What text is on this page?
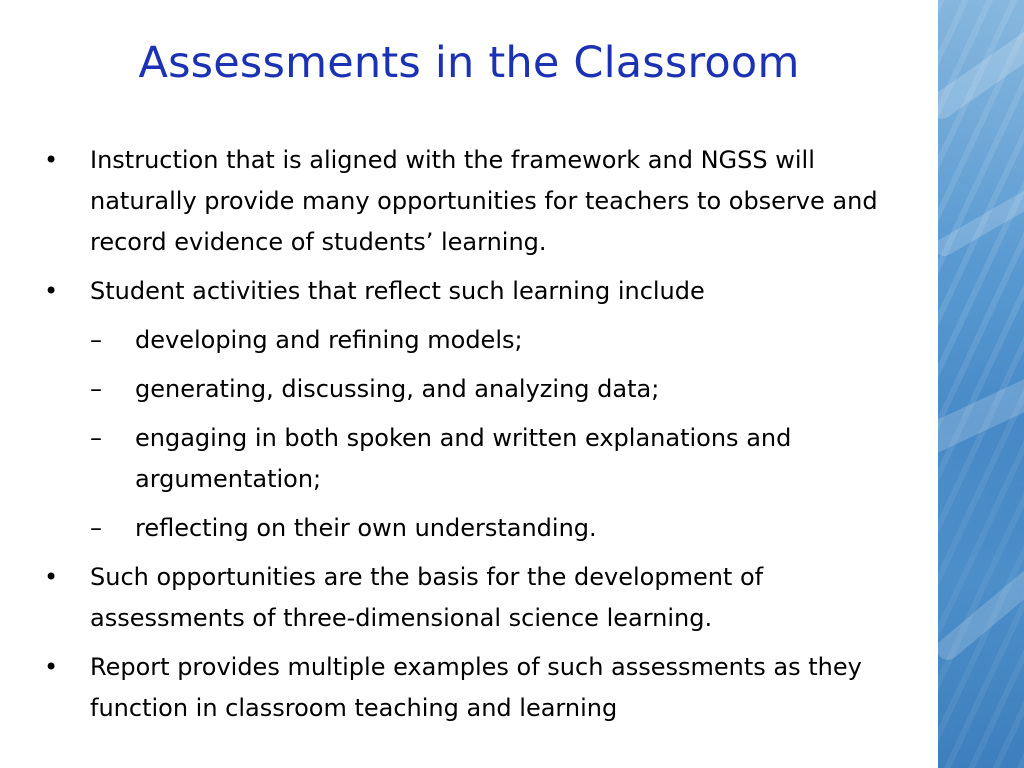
Assessments in the Classroom
• Instruction that is aligned with the framework and NGSS will naturally provide many opportunities for teachers to observe and record evidence of students’ learning.
• Student activities that reflect such learning include
– developing and refining models;
– generating, discussing, and analyzing data;
– engaging in both spoken and written explanations and argumentation;
– reflecting on their own understanding.
• Such opportunities are the basis for the development of assessments of three-dimensional science learning.
• Report provides multiple examples of such assessments as they function in classroom teaching and learning
